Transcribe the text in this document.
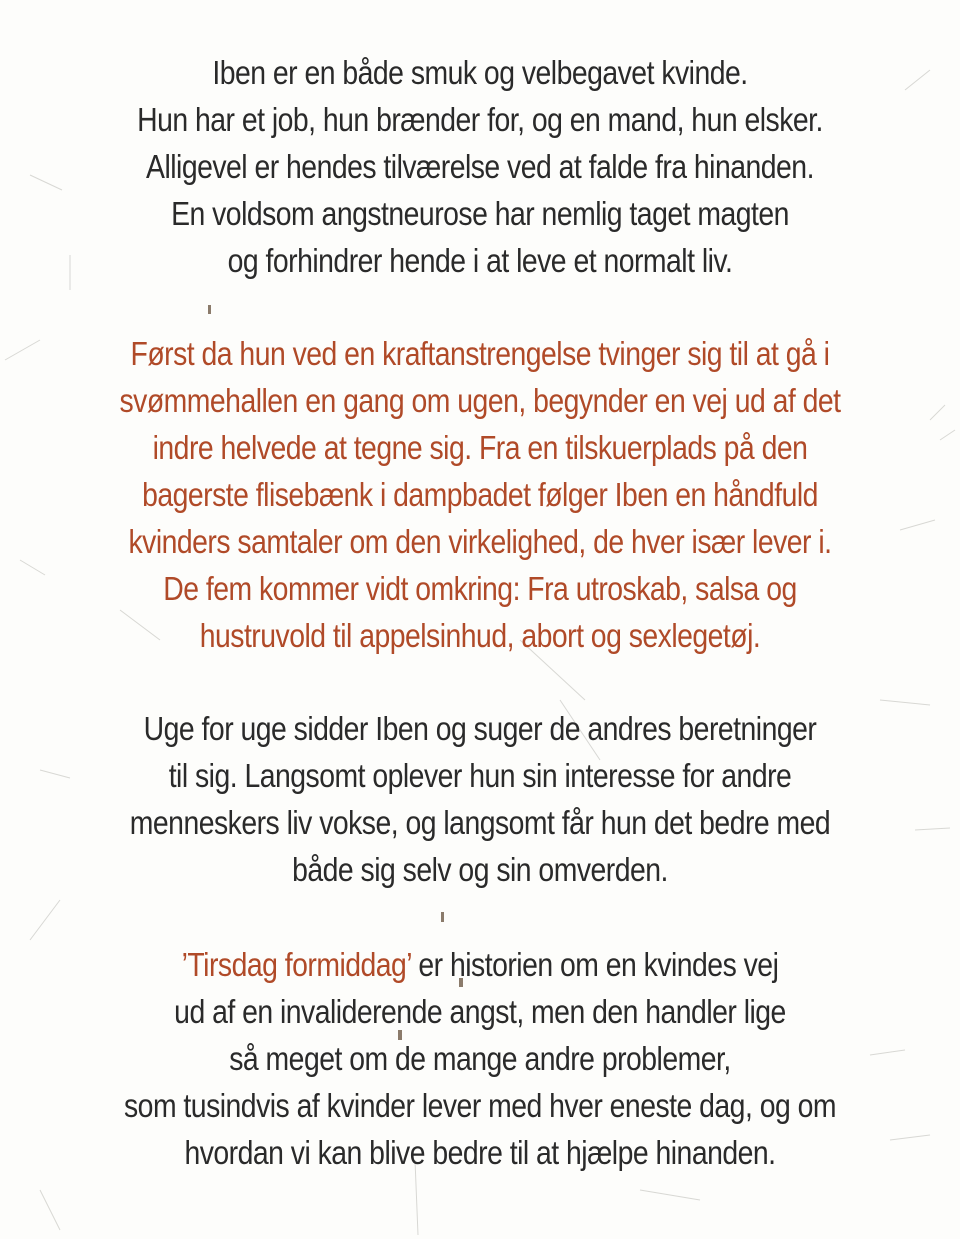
Iben er en både smuk og velbegavet kvinde.
Hun har et job, hun brænder for, og en mand, hun elsker.
Alligevel er hendes tilværelse ved at falde fra hinanden.
En voldsom angstneurose har nemlig taget magten
og forhindrer hende i at leve et normalt liv.
Først da hun ved en kraftanstrengelse tvinger sig til at gå i
svømmehallen en gang om ugen, begynder en vej ud af det
indre helvede at tegne sig. Fra en tilskuerplads på den
bagerste flisebænk i dampbadet følger Iben en håndfuld
kvinders samtaler om den virkelighed, de hver især lever i.
De fem kommer vidt omkring: Fra utroskab, salsa og
hustruvold til appelsinhud, abort og sexlegetøj.
Uge for uge sidder Iben og suger de andres beretninger
til sig. Langsomt oplever hun sin interesse for andre
menneskers liv vokse, og langsomt får hun det bedre med
både sig selv og sin omverden.
’Tirsdag formiddag’ er historien om en kvindes vej
ud af en invaliderende angst, men den handler lige
så meget om de mange andre problemer,
som tusindvis af kvinder lever med hver eneste dag, og om
hvordan vi kan blive bedre til at hjælpe hinanden.
